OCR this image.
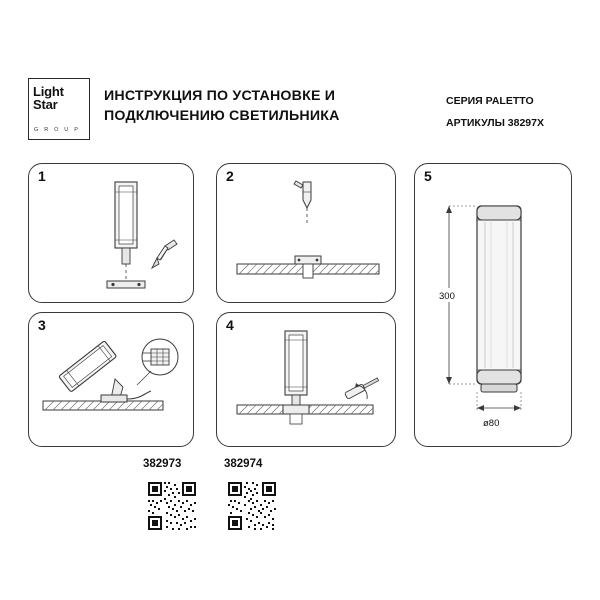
Light
Star
G R O U P
ИНСТРУКЦИЯ ПО УСТАНОВКЕ И ПОДКЛЮЧЕНИЮ СВЕТИЛЬНИКА
СЕРИЯ PALETTO
АРТИКУЛЫ 38297X
1	2
3	4
5
300
ø80
382973	382974
